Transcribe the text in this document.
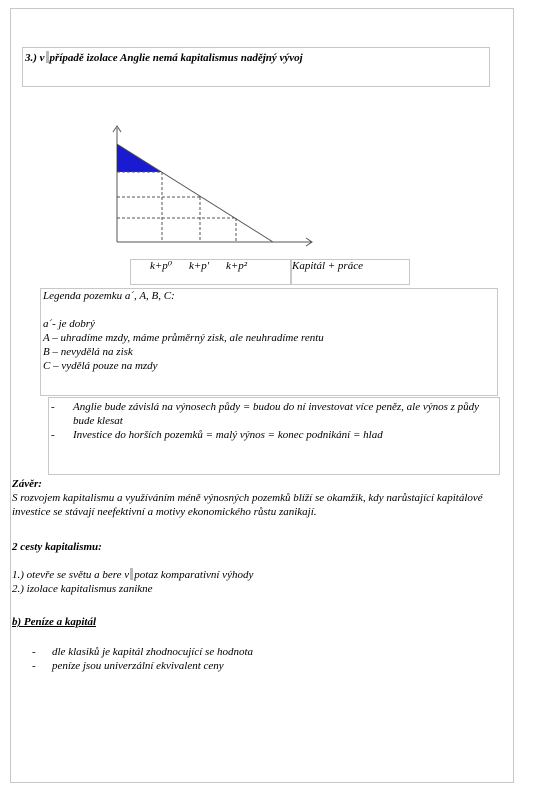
3.) v případě izolace Anglie nemá kapitalismus nadějný vývoj
k+p⁰ k+p' k+p²	Kapitál + práce
Legenda pozemku a´, A, B, C:
a´- je dobrý
A – uhradíme mzdy, máme průměrný zisk, ale neuhradíme rentu
B – nevydělá na zisk
C – vydělá pouze na mzdy
- Anglie bude závislá na výnosech půdy = budou do ní investovat více peněz, ale výnos z půdy bude klesat
- Investice do horších pozemků = malý výnos = konec podnikání = hlad
Závěr:
S rozvojem kapitalismu a využíváním méně výnosných pozemků blíží se okamžik, kdy narůstající kapitálové investice se stávají neefektivní a motivy ekonomického růstu zanikají.
2 cesty kapitalismu:
1.) otevře se světu a bere v potaz komparativní výhody
2.) izolace kapitalismus zanikne
b) Peníze a kapitál
- dle klasiků je kapitál zhodnocující se hodnota
- peníze jsou univerzální ekvivalent ceny
